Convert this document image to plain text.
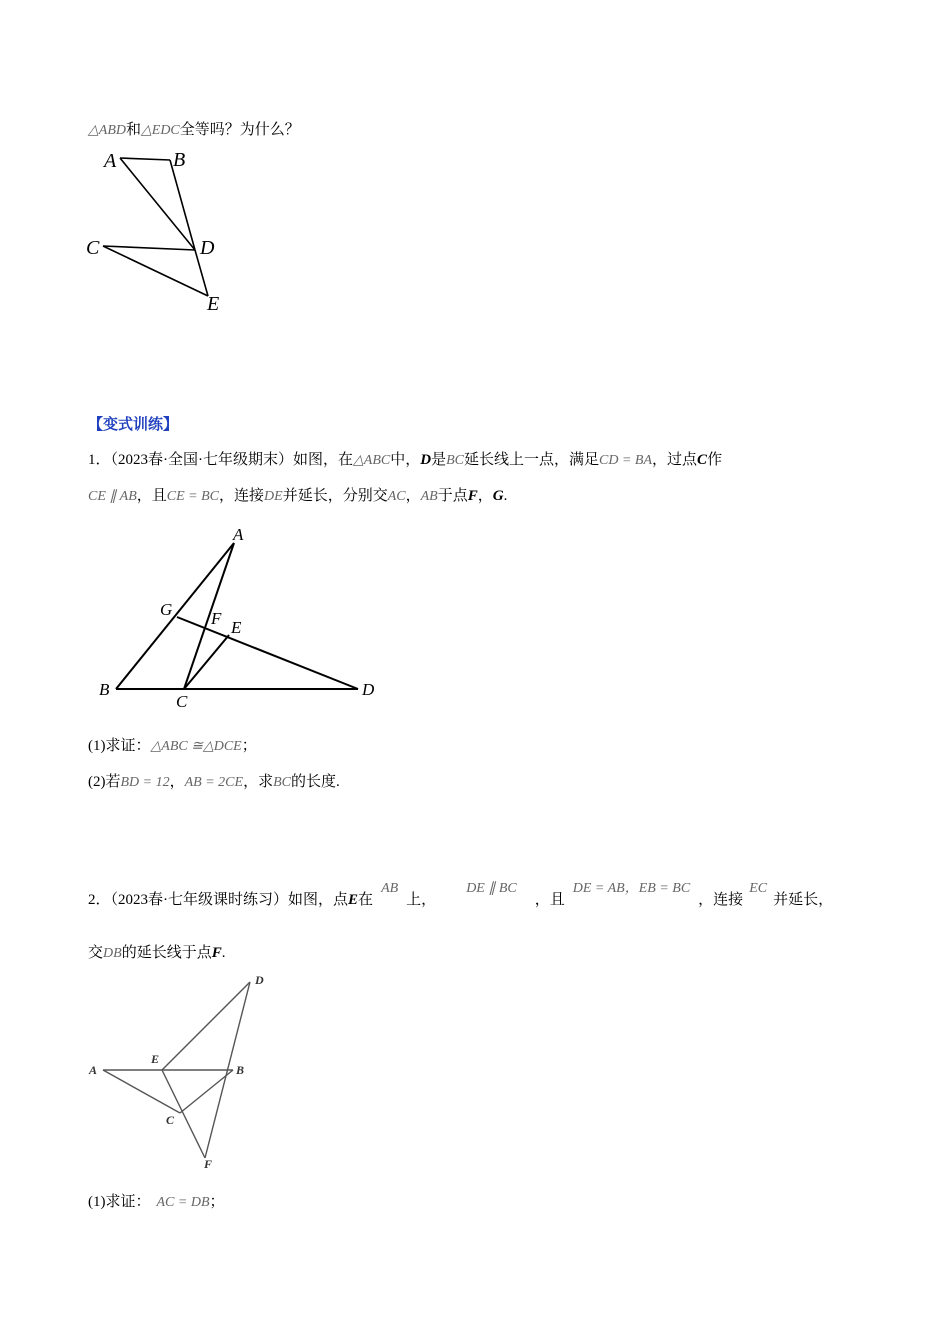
△ABD和△EDC全等吗？为什么？
A	B
C	D
E
【变式训练】
1．（2023春·全国·七年级期末）如图，在△ABC中，D是BC延长线上一点，满足CD = BA，过点C作
CE ∥ AB，且CE = BC，连接DE并延长，分别交AC，AB于点F，G.
A
G F E
B
C
D
(1)求证：△ABC ≅△DCE；
(2)若BD = 12，AB = 2CE，求BC的长度.
2．（2023春·七年级课时练习）如图，点E在AB上，DE ∥ BC，且DE = AB，EB = BC，连接EC并延长，
交DB的延长线于点F.
A
E
B
C
D
F
(1)求证： AC = DB；
